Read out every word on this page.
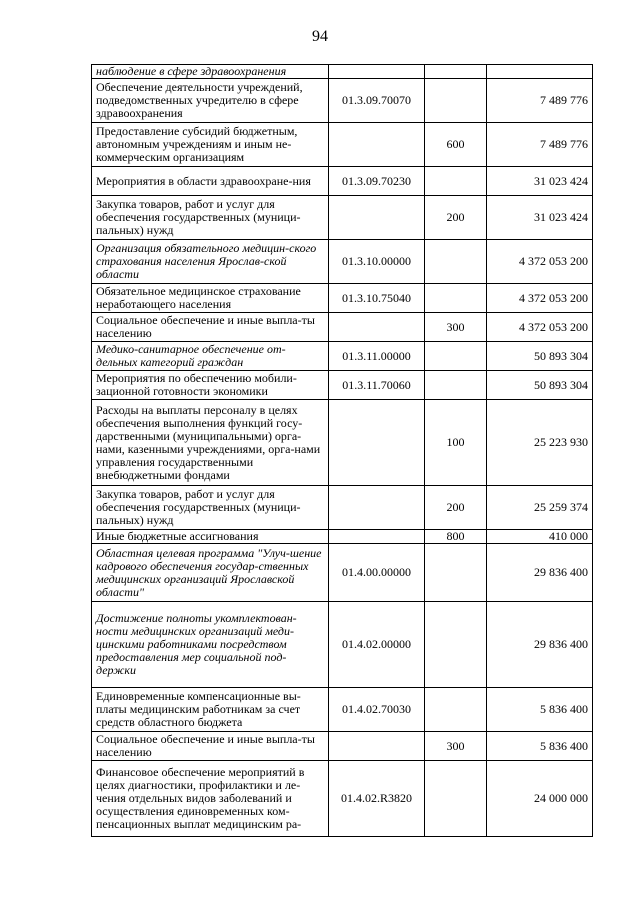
94
наблюдение в сфере здравоохранения			

Обеспечение деятельности учреждений, подведомственных учредителю в сфере здравоохранения	01.3.09.70070		7 489 776

Предоставление субсидий бюджетным, автономным учреждениям и иным не-коммерческим организациям		600	7 489 776

Мероприятия в области здравоохране-ния	01.3.09.70230		31 023 424

Закупка товаров, работ и услуг для обеспечения государственных (муници-пальных) нужд		200	31 023 424

Организация обязательного медицин-ского страхования населения Ярослав-ской области	01.3.10.00000		4 372 053 200

Обязательное медицинское страхование неработающего населения	01.3.10.75040		4 372 053 200

Социальное обеспечение и иные выпла-ты населению		300	4 372 053 200

Медико-санитарное обеспечение от-дельных категорий граждан	01.3.11.00000		50 893 304

Мероприятия по обеспечению мобили-зационной готовности экономики	01.3.11.70060		50 893 304

Расходы на выплаты персоналу в целях обеспечения выполнения функций госу-дарственными (муниципальными) орга-нами, казенными учреждениями, орга-нами управления государственными внебюджетными фондами		100	25 223 930

Закупка товаров, работ и услуг для обеспечения государственных (муници-пальных) нужд		200	25 259 374

Иные бюджетные ассигнования		800	410 000

Областная целевая программа "Улуч-шение кадрового обеспечения государ-ственных медицинских организаций Ярославской области"	01.4.00.00000		29 836 400

Достижение полноты укомплектован-ности медицинских организаций меди-цинскими работниками посредством предоставления мер социальной под-держки	01.4.02.00000		29 836 400

Единовременные компенсационные вы-платы медицинским работникам за счет средств областного бюджета	01.4.02.70030		5 836 400

Социальное обеспечение и иные выпла-ты населению		300	5 836 400

Финансовое обеспечение мероприятий в целях диагностики, профилактики и ле-чения отдельных видов заболеваний и осуществления единовременных ком-пенсационных выплат медицинским ра-	01.4.02.R3820		24 000 000
